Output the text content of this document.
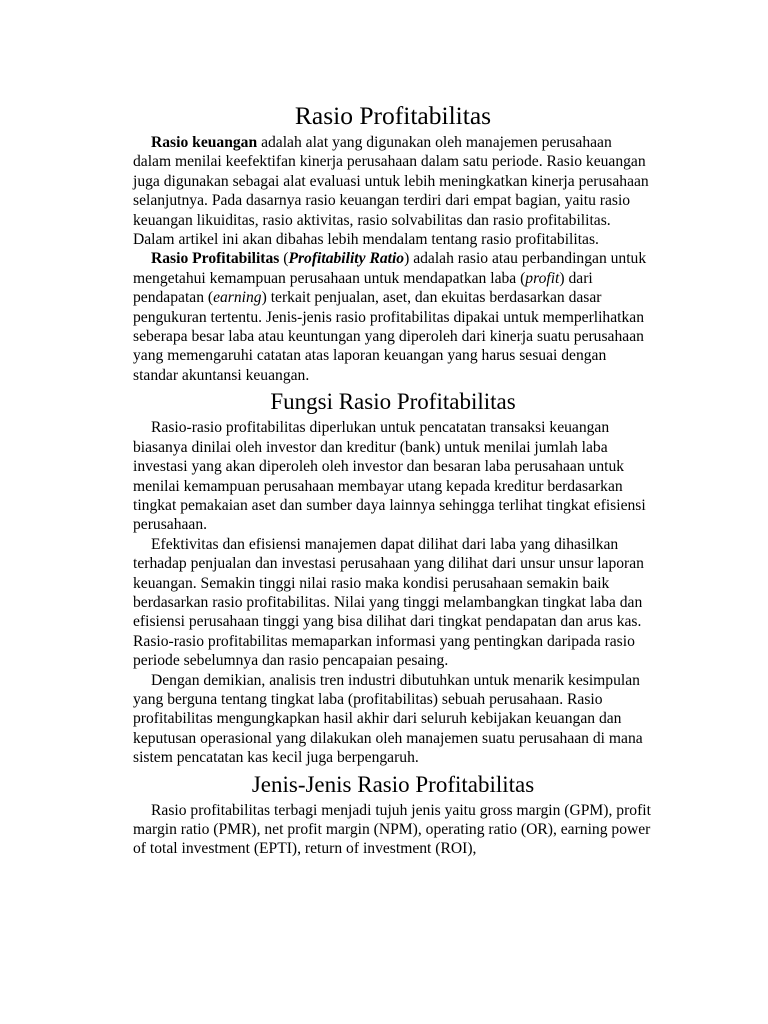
Rasio Profitabilitas

Rasio keuangan adalah alat yang digunakan oleh manajemen perusahaan dalam menilai keefektifan kinerja perusahaan dalam satu periode. Rasio keuangan juga digunakan sebagai alat evaluasi untuk lebih meningkatkan kinerja perusahaan selanjutnya. Pada dasarnya rasio keuangan terdiri dari empat bagian, yaitu rasio keuangan likuiditas, rasio aktivitas, rasio solvabilitas dan rasio profitabilitas. Dalam artikel ini akan dibahas lebih mendalam tentang rasio profitabilitas.

Rasio Profitabilitas (Profitability Ratio) adalah rasio atau perbandingan untuk mengetahui kemampuan perusahaan untuk mendapatkan laba (profit) dari pendapatan (earning) terkait penjualan, aset, dan ekuitas berdasarkan dasar pengukuran tertentu. Jenis-jenis rasio profitabilitas dipakai untuk memperlihatkan seberapa besar laba atau keuntungan yang diperoleh dari kinerja suatu perusahaan yang memengaruhi catatan atas laporan keuangan yang harus sesuai dengan standar akuntansi keuangan.

Fungsi Rasio Profitabilitas

Rasio-rasio profitabilitas diperlukan untuk pencatatan transaksi keuangan biasanya dinilai oleh investor dan kreditur (bank) untuk menilai jumlah laba investasi yang akan diperoleh oleh investor dan besaran laba perusahaan untuk menilai kemampuan perusahaan membayar utang kepada kreditur berdasarkan tingkat pemakaian aset dan sumber daya lainnya sehingga terlihat tingkat efisiensi perusahaan.

Efektivitas dan efisiensi manajemen dapat dilihat dari laba yang dihasilkan terhadap penjualan dan investasi perusahaan yang dilihat dari unsur unsur laporan keuangan. Semakin tinggi nilai rasio maka kondisi perusahaan semakin baik berdasarkan rasio profitabilitas. Nilai yang tinggi melambangkan tingkat laba dan efisiensi perusahaan tinggi yang bisa dilihat dari tingkat pendapatan dan arus kas. Rasio-rasio profitabilitas memaparkan informasi yang pentingkan daripada rasio periode sebelumnya dan rasio pencapaian pesaing.

Dengan demikian, analisis tren industri dibutuhkan untuk menarik kesimpulan yang berguna tentang tingkat laba (profitabilitas) sebuah perusahaan. Rasio profitabilitas mengungkapkan hasil akhir dari seluruh kebijakan keuangan dan keputusan operasional yang dilakukan oleh manajemen suatu perusahaan di mana sistem pencatatan kas kecil juga berpengaruh.

Jenis-Jenis Rasio Profitabilitas

Rasio profitabilitas terbagi menjadi tujuh jenis yaitu gross margin (GPM), profit margin ratio (PMR), net profit margin (NPM), operating ratio (OR), earning power of total investment (EPTI), return of investment (ROI),
